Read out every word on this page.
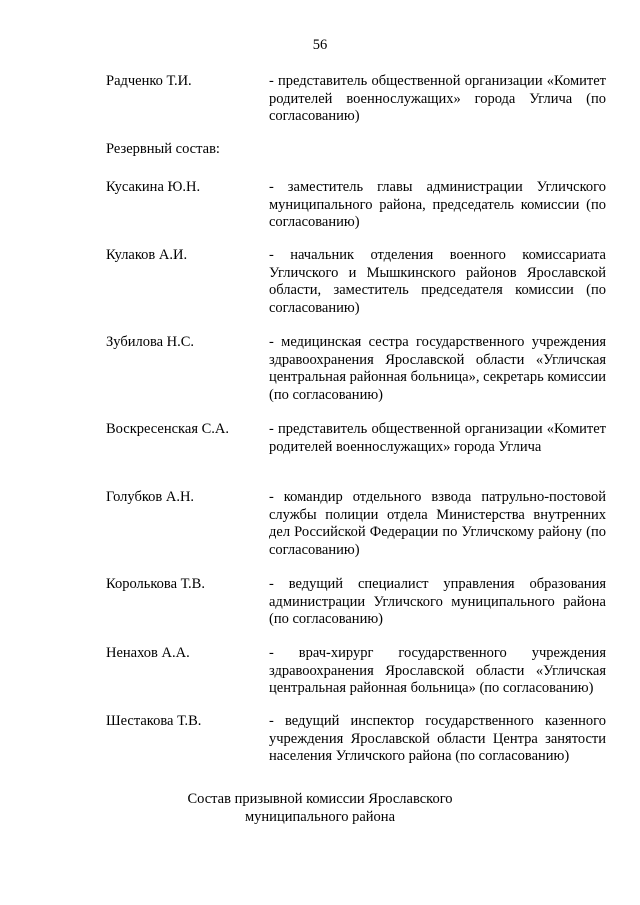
56
Радченко Т.И.	- представитель общественной организации «Комитет родителей военнослужащих» города Углича (по согласованию)
Резервный состав:
Кусакина Ю.Н.	- заместитель главы администрации Угличского муниципального района, председатель комиссии (по согласованию)
Кулаков А.И.	- начальник отделения военного комиссариата Угличского и Мышкинского районов Ярославской области, заместитель председателя комиссии (по согласованию)
Зубилова Н.С.	- медицинская сестра государственного учреждения здравоохранения Ярославской области «Угличская центральная районная больница», секретарь комиссии (по согласованию)
Воскресенская С.А.	- представитель общественной организации «Комитет родителей военнослужащих» города Углича
Голубков А.Н.	- командир отдельного взвода патрульно-постовой службы полиции отдела Министерства внутренних дел Российской Федерации по Угличскому району (по согласованию)
Королькова Т.В.	- ведущий специалист управления образования администрации Угличского муниципального района (по согласованию)
Ненахов А.А.	- врач-хирург государственного учреждения здравоохранения Ярославской области «Угличская центральная районная больница» (по согласованию)
Шестакова Т.В.	- ведущий инспектор государственного казенного учреждения Ярославской области Центра занятости населения Угличского района (по согласованию)
Состав призывной комиссии Ярославского
муниципального района
